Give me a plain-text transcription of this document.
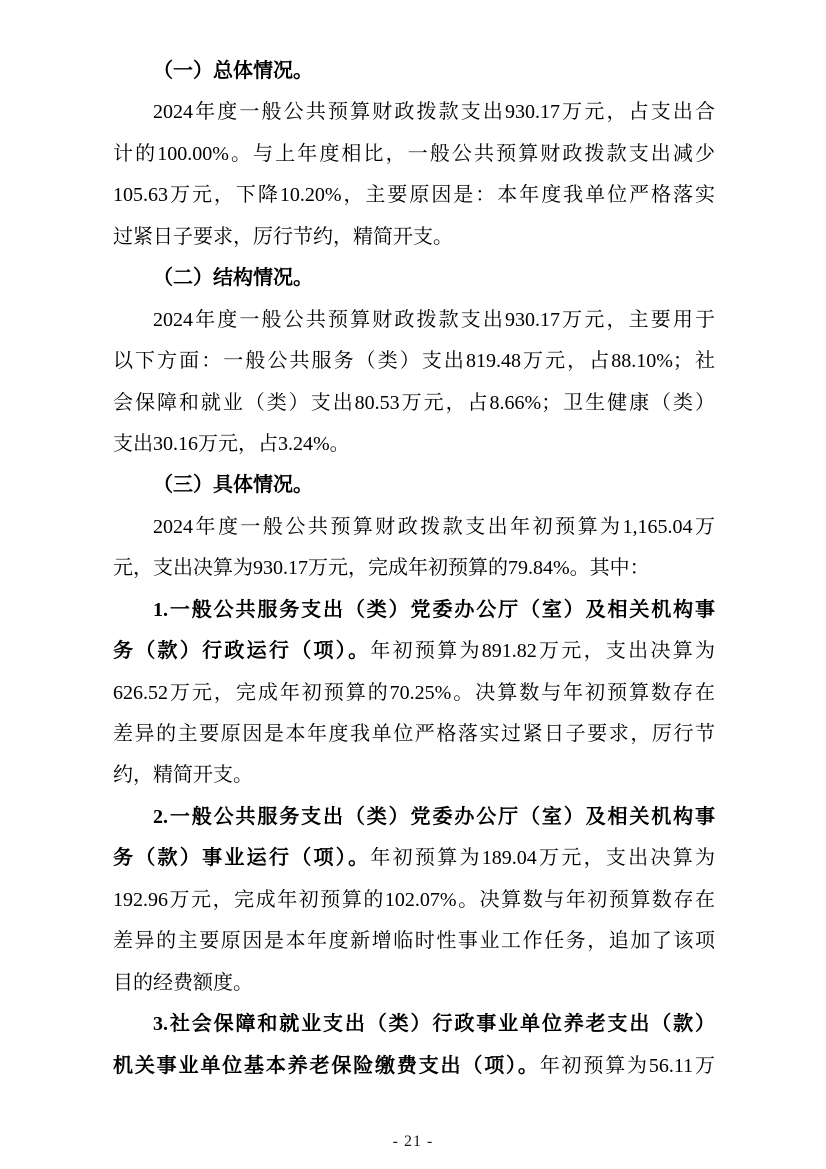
（一）总体情况。
2024年度一般公共预算财政拨款支出930.17万元，占支出合
计的100.00%。与上年度相比，一般公共预算财政拨款支出减少
105.63万元，下降10.20%，主要原因是：本年度我单位严格落实
过紧日子要求，厉行节约，精简开支。
（二）结构情况。
2024年度一般公共预算财政拨款支出930.17万元，主要用于
以下方面：一般公共服务（类）支出819.48万元，占88.10%；社
会保障和就业（类）支出80.53万元，占8.66%；卫生健康（类）
支出30.16万元，占3.24%。
（三）具体情况。
2024年度一般公共预算财政拨款支出年初预算为1,165.04万
元，支出决算为930.17万元，完成年初预算的79.84%。其中：
1.一般公共服务支出（类）党委办公厅（室）及相关机构事
务（款）行政运行（项）。年初预算为891.82万元，支出决算为
626.52万元，完成年初预算的70.25%。决算数与年初预算数存在
差异的主要原因是本年度我单位严格落实过紧日子要求，厉行节
约，精简开支。
2.一般公共服务支出（类）党委办公厅（室）及相关机构事
务（款）事业运行（项）。年初预算为189.04万元，支出决算为
192.96万元，完成年初预算的102.07%。决算数与年初预算数存在
差异的主要原因是本年度新增临时性事业工作任务，追加了该项
目的经费额度。
3.社会保障和就业支出（类）行政事业单位养老支出（款）
机关事业单位基本养老保险缴费支出（项）。年初预算为56.11万
- 21 -
